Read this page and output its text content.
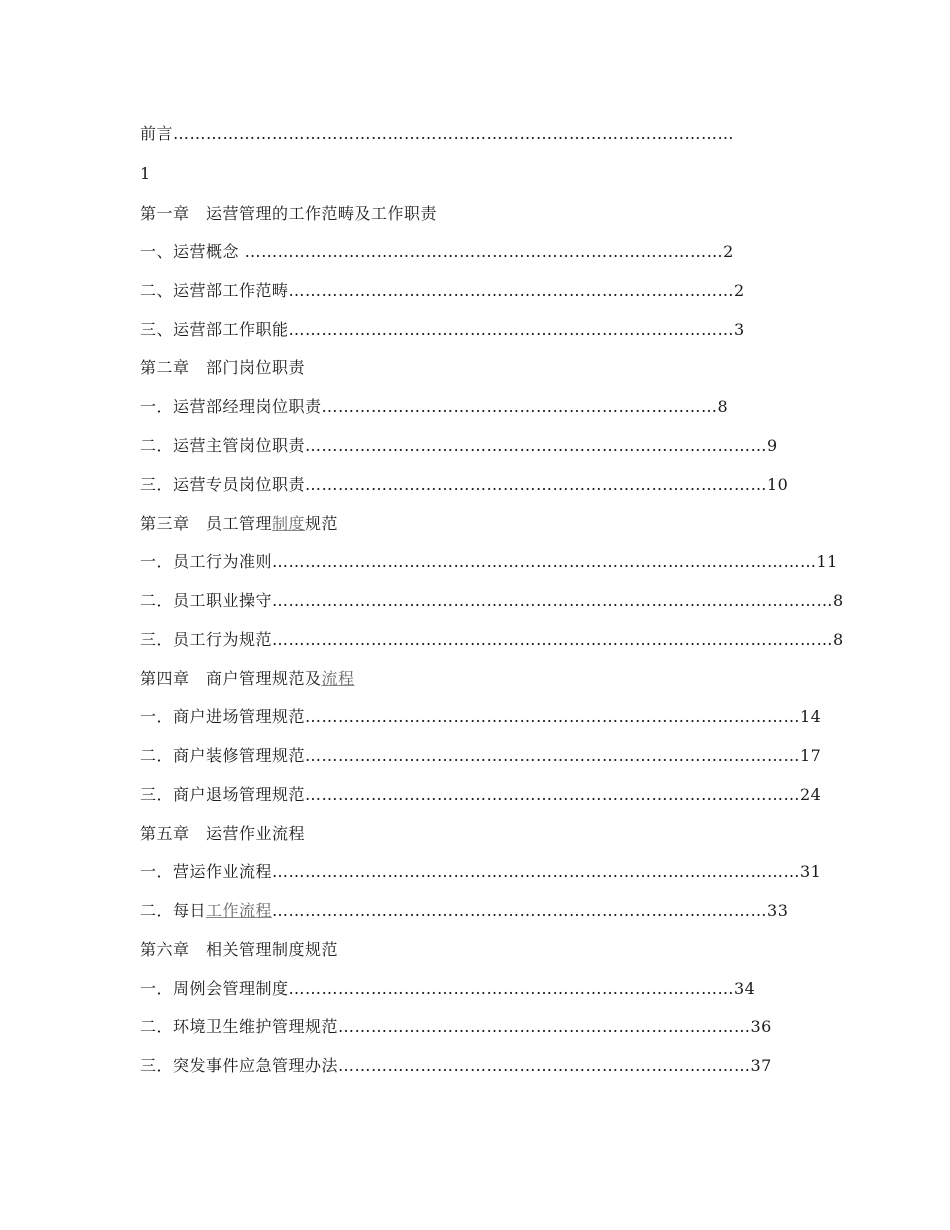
前言…………………………………………………………………………………………
1
第一章　运营管理的工作范畴及工作职责
一、运营概念 ……………………………………………………………………………2
二、运营部工作范畴………………………………………………………………………2
三、运营部工作职能………………………………………………………………………3
第二章　部门岗位职责
一．运营部经理岗位职责………………………………………………………………8
二．运营主管岗位职责…………………………………………………………………………9
三．运营专员岗位职责…………………………………………………………………………10
第三章　员工管理制度规范
一．员工行为准则………………………………………………………………………………………11
二．员工职业操守…………………………………………………………………………………………8
三．员工行为规范…………………………………………………………………………………………8
第四章　商户管理规范及流程
一．商户进场管理规范………………………………………………………………………………14
二．商户装修管理规范………………………………………………………………………………17
三．商户退场管理规范………………………………………………………………………………24
第五章　运营作业流程
一．营运作业流程……………………………………………………………………………………31
二．每日工作流程………………………………………………………………………………33
第六章　相关管理制度规范
一．周例会管理制度………………………………………………………………………34
二．环境卫生维护管理规范…………………………………………………………………36
三．突发事件应急管理办法…………………………………………………………………37
